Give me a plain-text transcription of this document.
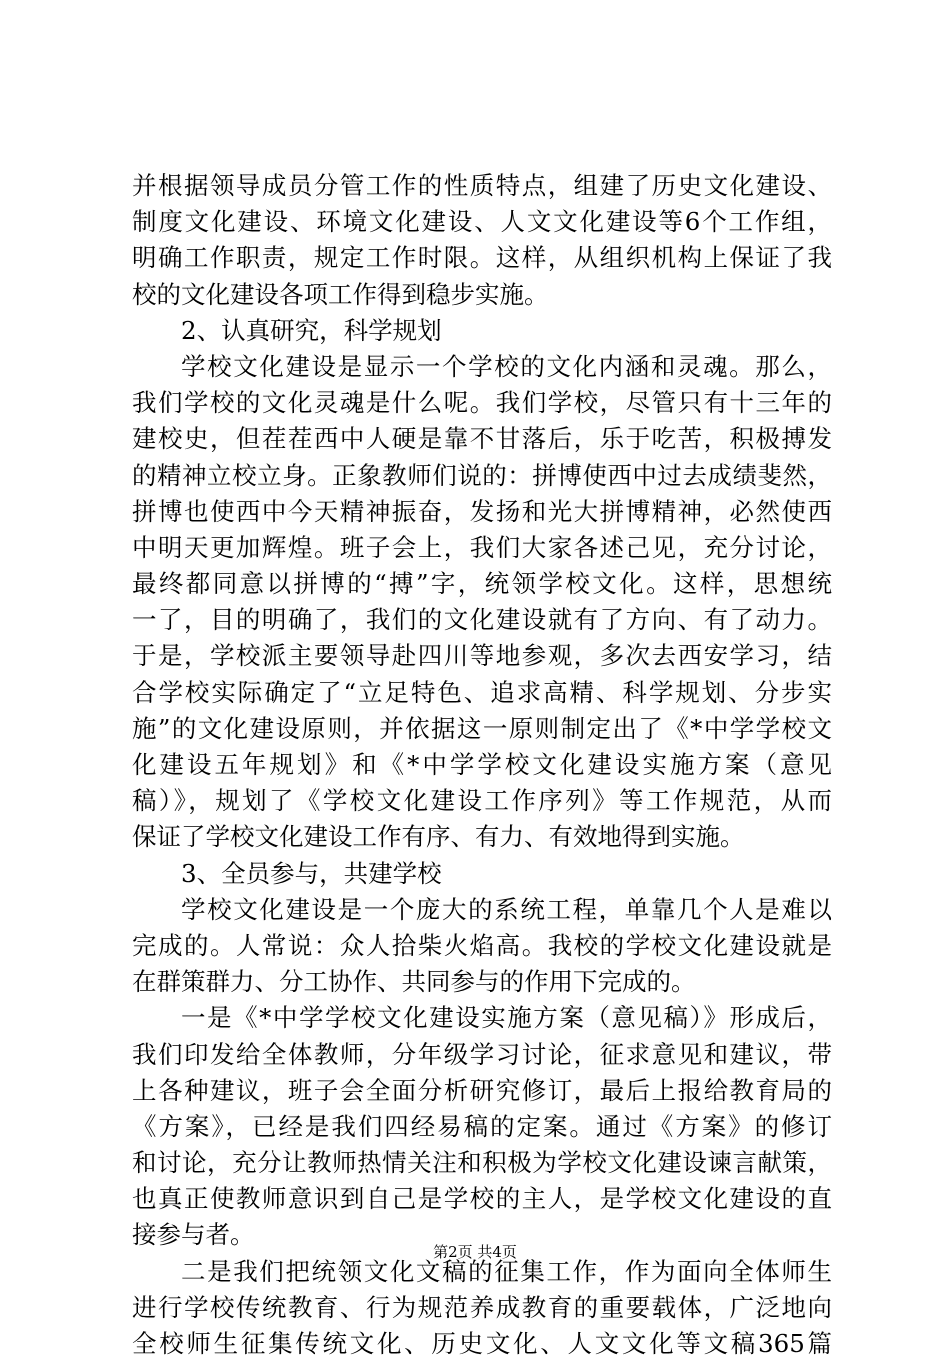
并根据领导成员分管工作的性质特点，组建了历史文化建设、
制度文化建设、环境文化建设、人文文化建设等6个工作组，
明确工作职责，规定工作时限。这样，从组织机构上保证了我
校的文化建设各项工作得到稳步实施。
2、认真研究，科学规划
学校文化建设是显示一个学校的文化内涵和灵魂。那么，
我们学校的文化灵魂是什么呢。我们学校，尽管只有十三年的
建校史，但茬茬西中人硬是靠不甘落后，乐于吃苦，积极搏发
的精神立校立身。正象教师们说的：拼博使西中过去成绩斐然，
拼博也使西中今天精神振奋，发扬和光大拼博精神，必然使西
中明天更加辉煌。班子会上，我们大家各述己见，充分讨论，
最终都同意以拼博的“搏”字，统领学校文化。这样，思想统
一了，目的明确了，我们的文化建设就有了方向、有了动力。
于是，学校派主要领导赴四川等地参观，多次去西安学习，结
合学校实际确定了“立足特色、追求高精、科学规划、分步实
施”的文化建设原则，并依据这一原则制定出了《*中学学校文
化建设五年规划》和《*中学学校文化建设实施方案（意见
稿）》，规划了《学校文化建设工作序列》等工作规范，从而
保证了学校文化建设工作有序、有力、有效地得到实施。
3、全员参与，共建学校
学校文化建设是一个庞大的系统工程，单靠几个人是难以
完成的。人常说：众人拾柴火焰高。我校的学校文化建设就是
在群策群力、分工协作、共同参与的作用下完成的。
一是《*中学学校文化建设实施方案（意见稿）》形成后，
我们印发给全体教师，分年级学习讨论，征求意见和建议，带
上各种建议，班子会全面分析研究修订，最后上报给教育局的
《方案》，已经是我们四经易稿的定案。通过《方案》的修订
和讨论，充分让教师热情关注和积极为学校文化建设谏言献策，
也真正使教师意识到自己是学校的主人，是学校文化建设的直
接参与者。
二是我们把统领文化文稿的征集工作，作为面向全体师生
进行学校传统教育、行为规范养成教育的重要载体，广泛地向
全校师生征集传统文化、历史文化、人文文化等文稿365篇
第2页 共4页
